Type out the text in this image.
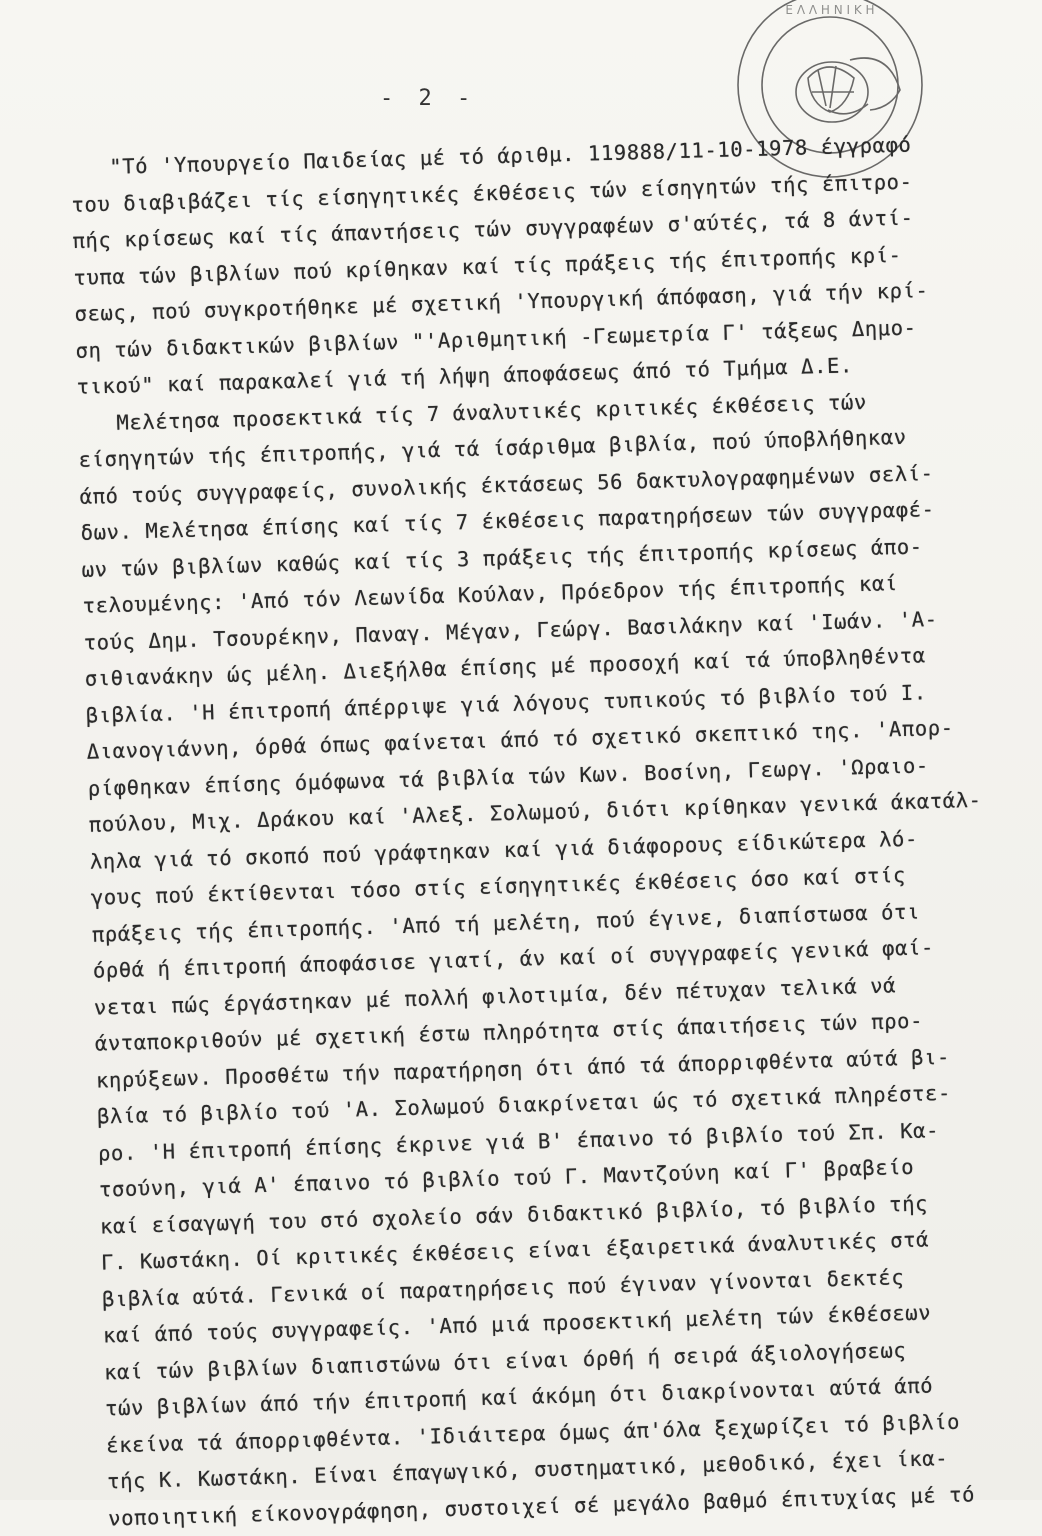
Ε Λ Λ Η Ν Ι Κ Η
- 2 -
"Τό 'Υπουργείο Παιδείας μέ τό άριθμ. 119888/11-10-1978 έγγραφό
του διαβιβάζει τίς είσηγητικές έκθέσεις τών είσηγητών τής έπιτρο-
πής κρίσεως καί τίς άπαντήσεις τών συγγραφέων σ'αύτές, τά 8 άντί-
τυπα τών βιβλίων πού κρίθηκαν καί τίς πράξεις τής έπιτροπής κρί-
σεως, πού συγκροτήθηκε μέ σχετική 'Υπουργική άπόφαση, γιά τήν κρί-
ση τών διδακτικών βιβλίων "'Αριθμητική -Γεωμετρία Γ' τάξεως Δημο-
τικού" καί παρακαλεί γιά τή λήψη άποφάσεως άπό τό Τμήμα Δ.Ε.
Μελέτησα προσεκτικά τίς 7 άναλυτικές κριτικές έκθέσεις τών
είσηγητών τής έπιτροπής, γιά τά ίσάριθμα βιβλία, πού ύποβλήθηκαν
άπό τούς συγγραφείς, συνολικής έκτάσεως 56 δακτυλογραφημένων σελί-
δων. Μελέτησα έπίσης καί τίς 7 έκθέσεις παρατηρήσεων τών συγγραφέ-
ων τών βιβλίων καθώς καί τίς 3 πράξεις τής έπιτροπής κρίσεως άπο-
τελουμένης: 'Από τόν Λεωνίδα Κούλαν, Πρόεδρον τής έπιτροπής καί
τούς Δημ. Τσουρέκην, Παναγ. Μέγαν, Γεώργ. Βασιλάκην καί 'Ιωάν. 'Α-
σιθιανάκην ώς μέλη. Διεξήλθα έπίσης μέ προσοχή καί τά ύποβληθέντα
βιβλία. 'Η έπιτροπή άπέρριψε γιά λόγους τυπικούς τό βιβλίο τού Ι.
Διανογιάννη, όρθά όπως φαίνεται άπό τό σχετικό σκεπτικό της. 'Απορ-
ρίφθηκαν έπίσης όμόφωνα τά βιβλία τών Κων. Βοσίνη, Γεωργ. 'Ωραιο-
πούλου, Μιχ. Δράκου καί 'Αλεξ. Σολωμού, διότι κρίθηκαν γενικά άκατάλ-
ληλα γιά τό σκοπό πού γράφτηκαν καί γιά διάφορους είδικώτερα λό-
γους πού έκτίθενται τόσο στίς είσηγητικές έκθέσεις όσο καί στίς
πράξεις τής έπιτροπής. 'Από τή μελέτη, πού έγινε, διαπίστωσα ότι
όρθά ή έπιτροπή άποφάσισε γιατί, άν καί οί συγγραφείς γενικά φαί-
νεται πώς έργάστηκαν μέ πολλή φιλοτιμία, δέν πέτυχαν τελικά νά
άνταποκριθούν μέ σχετική έστω πληρότητα στίς άπαιτήσεις τών προ-
κηρύξεων. Προσθέτω τήν παρατήρηση ότι άπό τά άπορριφθέντα αύτά βι-
βλία τό βιβλίο τού 'Α. Σολωμού διακρίνεται ώς τό σχετικά πληρέστε-
ρο. 'Η έπιτροπή έπίσης έκρινε γιά Β' έπαινο τό βιβλίο τού Σπ. Κα-
τσούνη, γιά Α' έπαινο τό βιβλίο τού Γ. Μαντζούνη καί Γ' βραβείο
καί είσαγωγή του στό σχολείο σάν διδακτικό βιβλίο, τό βιβλίο τής
Γ. Κωστάκη. Οί κριτικές έκθέσεις είναι έξαιρετικά άναλυτικές στά
βιβλία αύτά. Γενικά οί παρατηρήσεις πού έγιναν γίνονται δεκτές
καί άπό τούς συγγραφείς. 'Από μιά προσεκτική μελέτη τών έκθέσεων
καί τών βιβλίων διαπιστώνω ότι είναι όρθή ή σειρά άξιολογήσεως
τών βιβλίων άπό τήν έπιτροπή καί άκόμη ότι διακρίνονται αύτά άπό
έκείνα τά άπορριφθέντα. 'Ιδιάιτερα όμως άπ'όλα ξεχωρίζει τό βιβλίο
τής Κ. Κωστάκη. Είναι έπαγωγικό, συστηματικό, μεθοδικό, έχει ίκα-
νοποιητική είκονογράφηση, συστοιχεί σέ μεγάλο βαθμό έπιτυχίας μέ τό
